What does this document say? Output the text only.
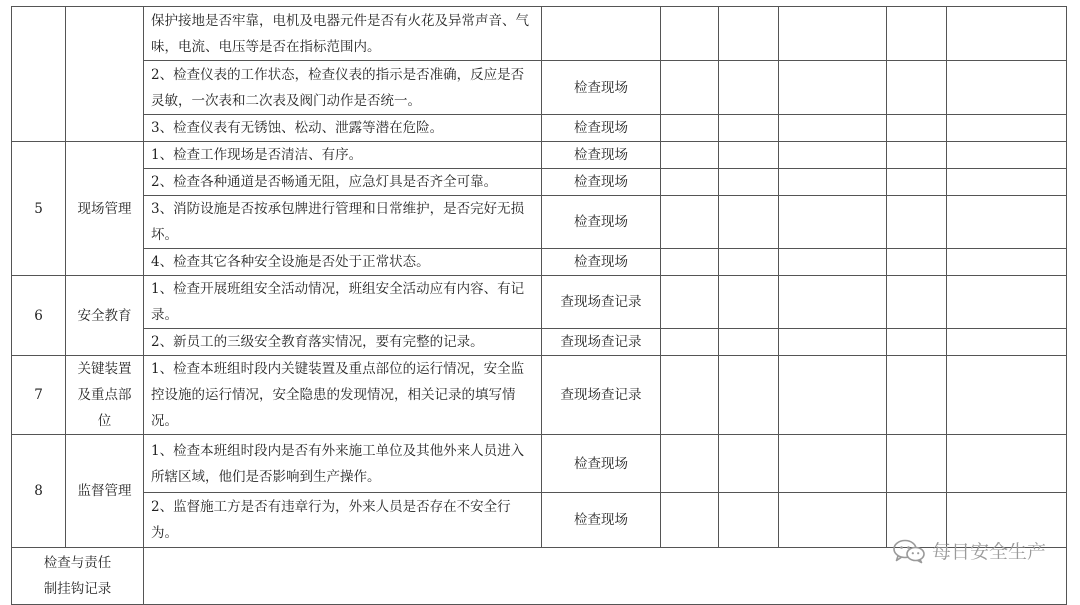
		保护接地是否牢靠，电机及电器元件是否有火花及异常声音、气味，电流、电压等是否在指标范围内。						
		2、检查仪表的工作状态，检查仪表的指示是否准确，反应是否灵敏，一次表和二次表及阀门动作是否统一。	检查现场					
		3、检查仪表有无锈蚀、松动、泄露等潜在危险。	检查现场					
5	现场管理	1、检查工作现场是否清洁、有序。	检查现场					
		2、检查各种通道是否畅通无阻，应急灯具是否齐全可靠。	检查现场					
		3、消防设施是否按承包牌进行管理和日常维护，是否完好无损坏。	检查现场					
		4、检查其它各种安全设施是否处于正常状态。	检查现场					
6	安全教育	1、检查开展班组安全活动情况，班组安全活动应有内容、有记录。	查现场查记录					
		2、新员工的三级安全教育落实情况，要有完整的记录。	查现场查记录					
7	关键装置及重点部位	1、检查本班组时段内关键装置及重点部位的运行情况，安全监控设施的运行情况，安全隐患的发现情况，相关记录的填写情况。	查现场查记录					
8	监督管理	1、检查本班组时段内是否有外来施工单位及其他外来人员进入所辖区域，他们是否影响到生产操作。	检查现场					
		2、监督施工方是否有违章行为，外来人员是否存在不安全行为。	检查现场					
检查与责任制挂钩记录								
每日安全生产
